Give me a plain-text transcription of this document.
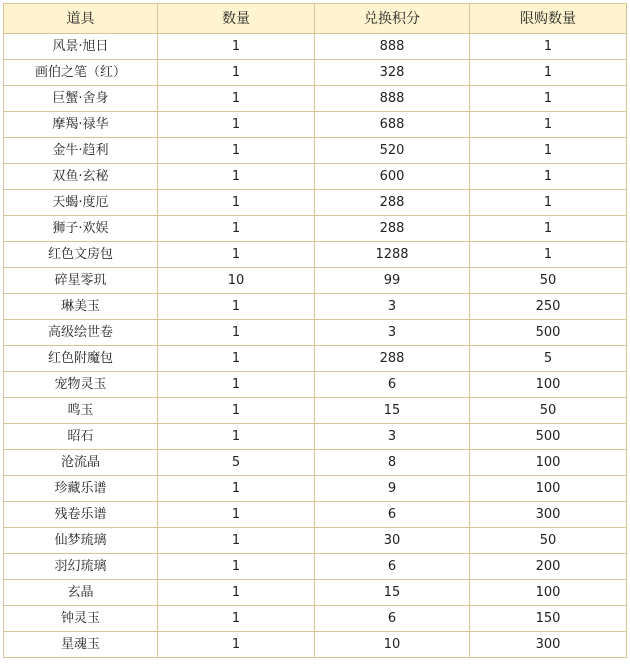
道具	数量	兑换积分	限购数量
风景·旭日	1	888	1
画伯之笔（红）	1	328	1
巨蟹·舍身	1	888	1
摩羯·禄华	1	688	1
金牛·趋利	1	520	1
双鱼·玄秘	1	600	1
天蝎·度厄	1	288	1
狮子·欢娱	1	288	1
红色文房包	1	1288	1
碎星零玑	10	99	50
琳美玉	1	3	250
高级绘世卷	1	3	500
红色附魔包	1	288	5
宠物灵玉	1	6	100
鸣玉	1	15	50
昭石	1	3	500
沧流晶	5	8	100
珍藏乐谱	1	9	100
残卷乐谱	1	6	300
仙梦琉璃	1	30	50
羽幻琉璃	1	6	200
玄晶	1	15	100
钟灵玉	1	6	150
星魂玉	1	10	300
